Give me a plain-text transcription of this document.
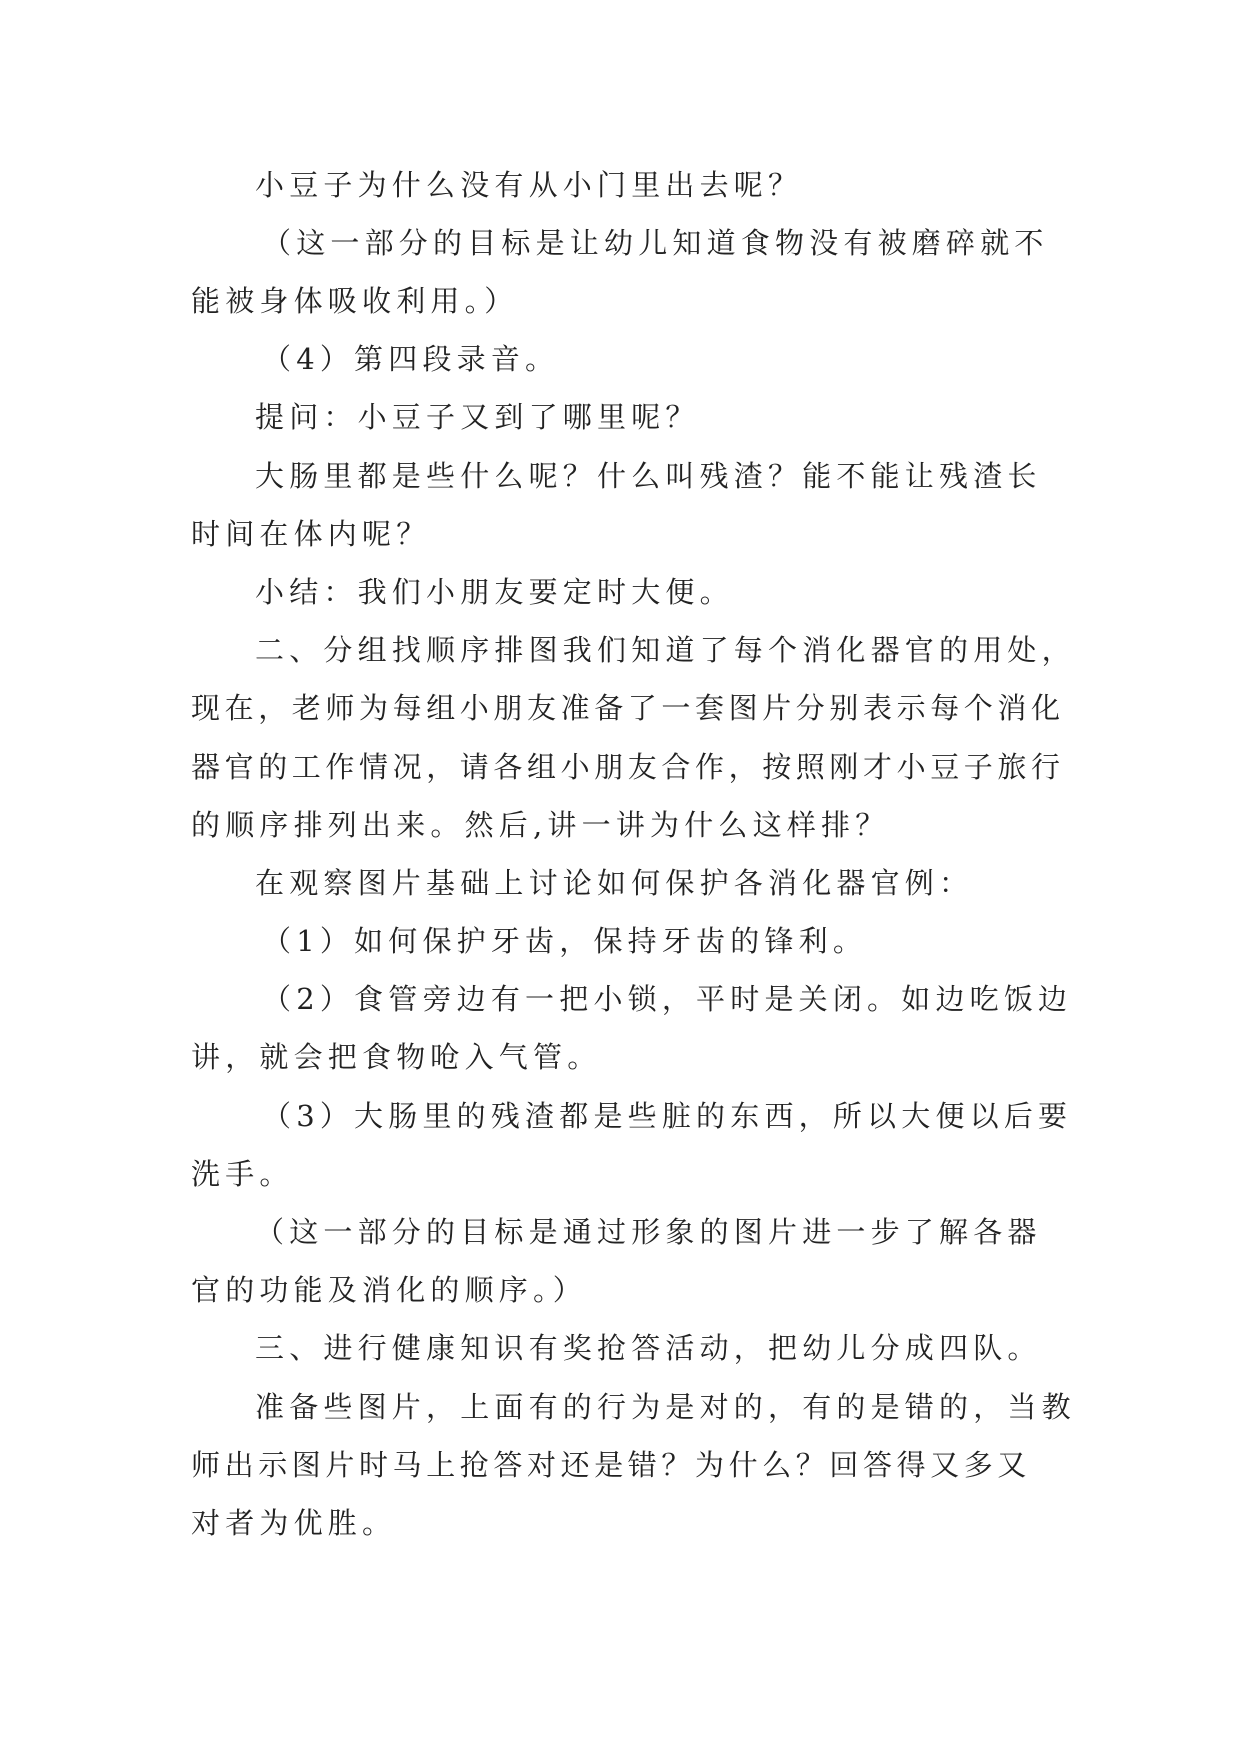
小豆子为什么没有从小门里出去呢？

（这一部分的目标是让幼儿知道食物没有被磨碎就不

能被身体吸收利用。）

（4）第四段录音。

提问：小豆子又到了哪里呢？

大肠里都是些什么呢？什么叫残渣？能不能让残渣长

时间在体内呢？

小结：我们小朋友要定时大便。

二、分组找顺序排图我们知道了每个消化器官的用处，

现在，老师为每组小朋友准备了一套图片分别表示每个消化

器官的工作情况，请各组小朋友合作，按照刚才小豆子旅行

的顺序排列出来。然后,讲一讲为什么这样排？

在观察图片基础上讨论如何保护各消化器官例：

（1）如何保护牙齿，保持牙齿的锋利。

（2）食管旁边有一把小锁，平时是关闭。如边吃饭边

讲，就会把食物呛入气管。

（3）大肠里的残渣都是些脏的东西，所以大便以后要

洗手。

（这一部分的目标是通过形象的图片进一步了解各器

官的功能及消化的顺序。）

三、进行健康知识有奖抢答活动，把幼儿分成四队。

准备些图片，上面有的行为是对的，有的是错的，当教

师出示图片时马上抢答对还是错？为什么？回答得又多又

对者为优胜。
